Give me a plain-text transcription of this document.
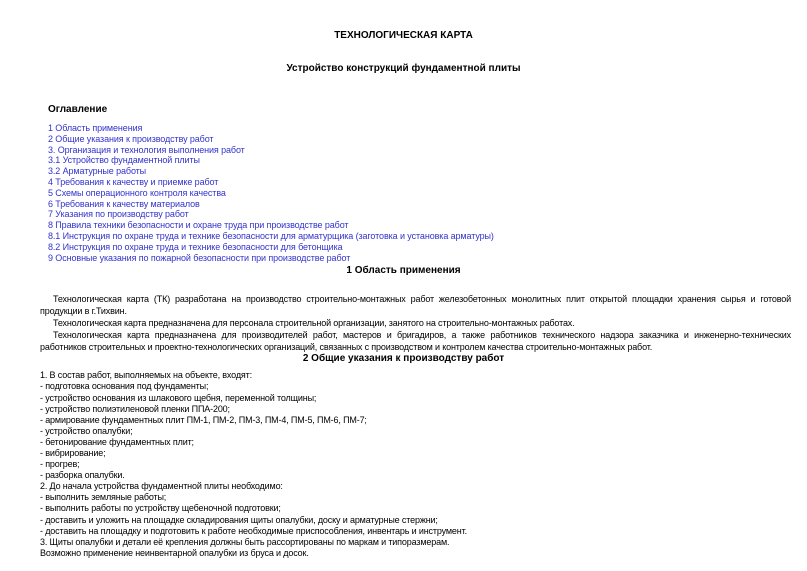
ТЕХНОЛОГИЧЕСКАЯ КАРТА
Устройство конструкций фундаментной плиты
Оглавление
1 Область применения
2 Общие указания к производству работ
3. Организация и технология выполнения работ
3.1 Устройство фундаментной плиты
3.2 Арматурные работы
4 Требования к качеству и приемке работ
5 Схемы операционного контроля качества
6 Требования к качеству материалов
7 Указания по производству работ
8 Правила техники безопасности и охране труда при производстве работ
8.1 Инструкция по охране труда и технике безопасности для арматурщика (заготовка и установка арматуры)
8.2 Инструкция по охране труда и технике безопасности для бетонщика
9 Основные указания по пожарной безопасности при производстве работ
1 Область применения

Технологическая карта (ТК) разработана на производство строительно-монтажных работ железобетонных монолитных плит открытой площадки хранения сырья и готовой продукции в г.Тихвин.

Технологическая карта предназначена для персонала строительной организации, занятого на строительно-монтажных работах.

Технологическая карта предназначена для производителей работ, мастеров и бригадиров, а также работников технического надзора заказчика и инженерно-технических работников строительных и проектно-технологических организаций, связанных с производством и контролем качества строительно-монтажных работ.

2 Общие указания к производству работ
1. В состав работ, выполняемых на объекте, входят:
- подготовка основания под фундаменты;
- устройство основания из шлакового щебня, переменной толщины;
- устройство полиэтиленовой пленки ППА-200;
- армирование фундаментных плит ПМ-1, ПМ-2, ПМ-3, ПМ-4, ПМ-5, ПМ-6, ПМ-7;
- устройство опалубки;
- бетонирование фундаментных плит;
- вибрирование;
- прогрев;
- разборка опалубки.
2. До начала устройства фундаментной плиты необходимо:
- выполнить земляные работы;
- выполнить работы по устройству щебеночной подготовки;
- доставить и уложить на площадке складирования щиты опалубки, доску и арматурные стержни;
- доставить на площадку и подготовить к работе необходимые приспособления, инвентарь и инструмент.
3. Щиты опалубки и детали её крепления должны быть рассортированы по маркам и типоразмерам.
Возможно применение неинвентарной опалубки из бруса и досок.
